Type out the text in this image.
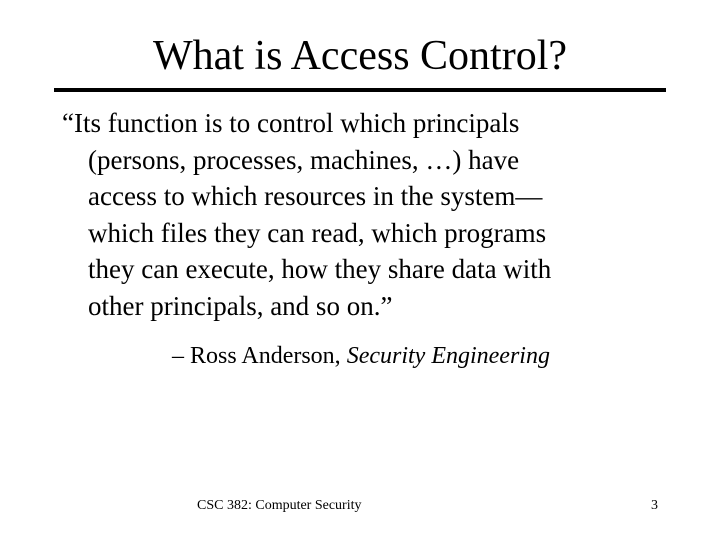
What is Access Control?
“Its function is to control which principals
(persons, processes, machines, …) have
access to which resources in the system—
which files they can read, which programs
they can execute, how they share data with
other principals, and so on.”
– Ross Anderson, Security Engineering
CSC 382: Computer Security	3
